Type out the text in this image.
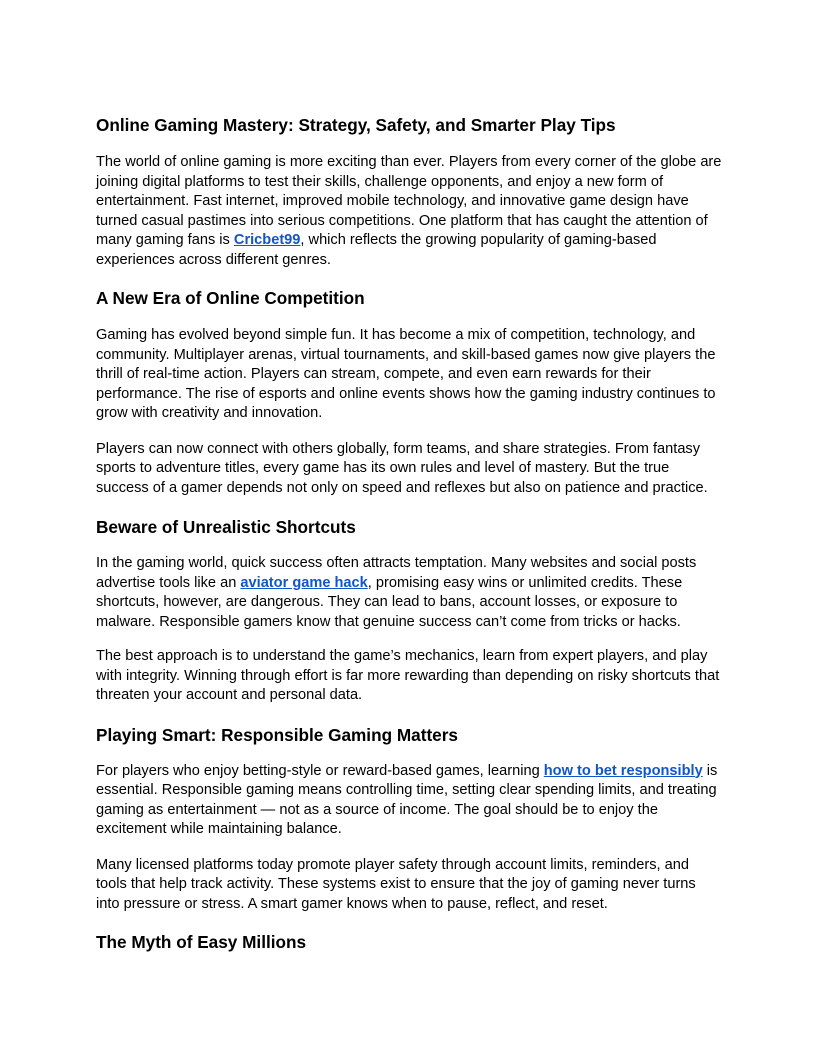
Online Gaming Mastery: Strategy, Safety, and Smarter Play Tips

The world of online gaming is more exciting than ever. Players from every corner of the globe are joining digital platforms to test their skills, challenge opponents, and enjoy a new form of entertainment. Fast internet, improved mobile technology, and innovative game design have turned casual pastimes into serious competitions. One platform that has caught the attention of many gaming fans is Cricbet99, which reflects the growing popularity of gaming-based experiences across different genres.

A New Era of Online Competition

Gaming has evolved beyond simple fun. It has become a mix of competition, technology, and community. Multiplayer arenas, virtual tournaments, and skill-based games now give players the thrill of real-time action. Players can stream, compete, and even earn rewards for their performance. The rise of esports and online events shows how the gaming industry continues to grow with creativity and innovation.

Players can now connect with others globally, form teams, and share strategies. From fantasy sports to adventure titles, every game has its own rules and level of mastery. But the true success of a gamer depends not only on speed and reflexes but also on patience and practice.

Beware of Unrealistic Shortcuts

In the gaming world, quick success often attracts temptation. Many websites and social posts advertise tools like an aviator game hack, promising easy wins or unlimited credits. These shortcuts, however, are dangerous. They can lead to bans, account losses, or exposure to malware. Responsible gamers know that genuine success can’t come from tricks or hacks.

The best approach is to understand the game’s mechanics, learn from expert players, and play with integrity. Winning through effort is far more rewarding than depending on risky shortcuts that threaten your account and personal data.

Playing Smart: Responsible Gaming Matters

For players who enjoy betting-style or reward-based games, learning how to bet responsibly is essential. Responsible gaming means controlling time, setting clear spending limits, and treating gaming as entertainment — not as a source of income. The goal should be to enjoy the excitement while maintaining balance.

Many licensed platforms today promote player safety through account limits, reminders, and tools that help track activity. These systems exist to ensure that the joy of gaming never turns into pressure or stress. A smart gamer knows when to pause, reflect, and reset.

The Myth of Easy Millions
